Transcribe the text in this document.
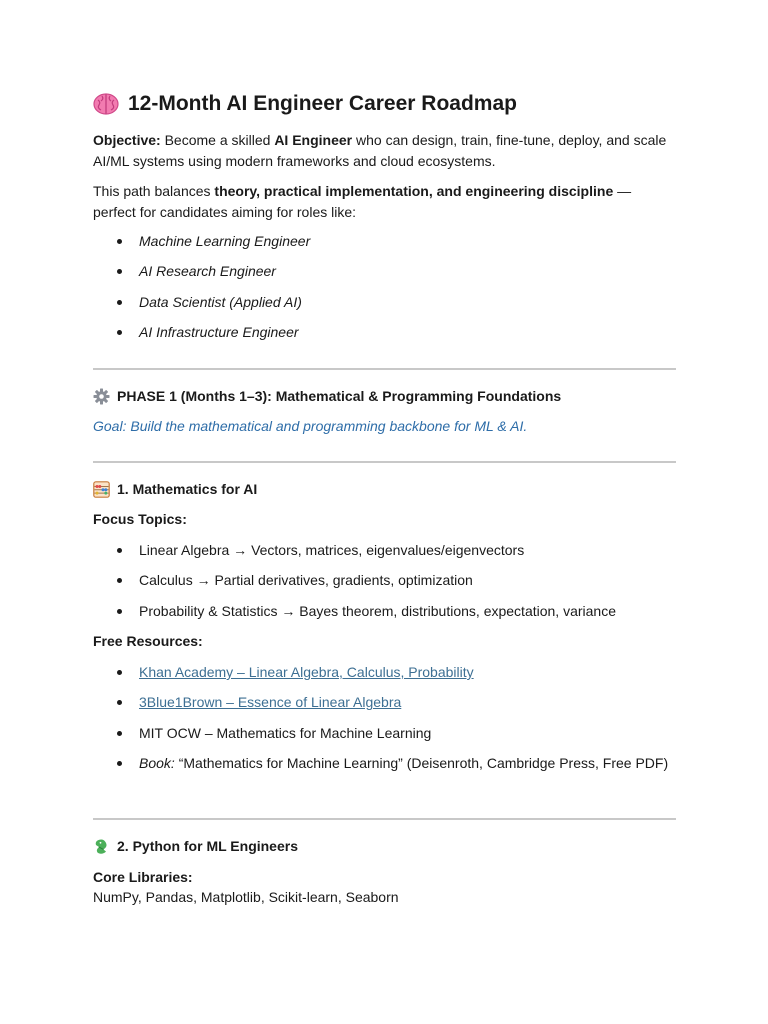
12-Month AI Engineer Career Roadmap

Objective: Become a skilled AI Engineer who can design, train, fine-tune, deploy, and scale AI/ML systems using modern frameworks and cloud ecosystems.

This path balances theory, practical implementation, and engineering discipline — perfect for candidates aiming for roles like:

Machine Learning Engineer
AI Research Engineer
Data Scientist (Applied AI)
AI Infrastructure Engineer
PHASE 1 (Months 1–3): Mathematical & Programming Foundations
Goal: Build the mathematical and programming backbone for ML & AI.
1. Mathematics for AI
Focus Topics:
Linear Algebra → Vectors, matrices, eigenvalues/eigenvectors
Calculus → Partial derivatives, gradients, optimization
Probability & Statistics → Bayes theorem, distributions, expectation, variance
Free Resources:
Khan Academy – Linear Algebra, Calculus, Probability
3Blue1Brown – Essence of Linear Algebra
MIT OCW – Mathematics for Machine Learning
Book: “Mathematics for Machine Learning” (Deisenroth, Cambridge Press, Free PDF)
2. Python for ML Engineers
Core Libraries:
NumPy, Pandas, Matplotlib, Scikit-learn, Seaborn
